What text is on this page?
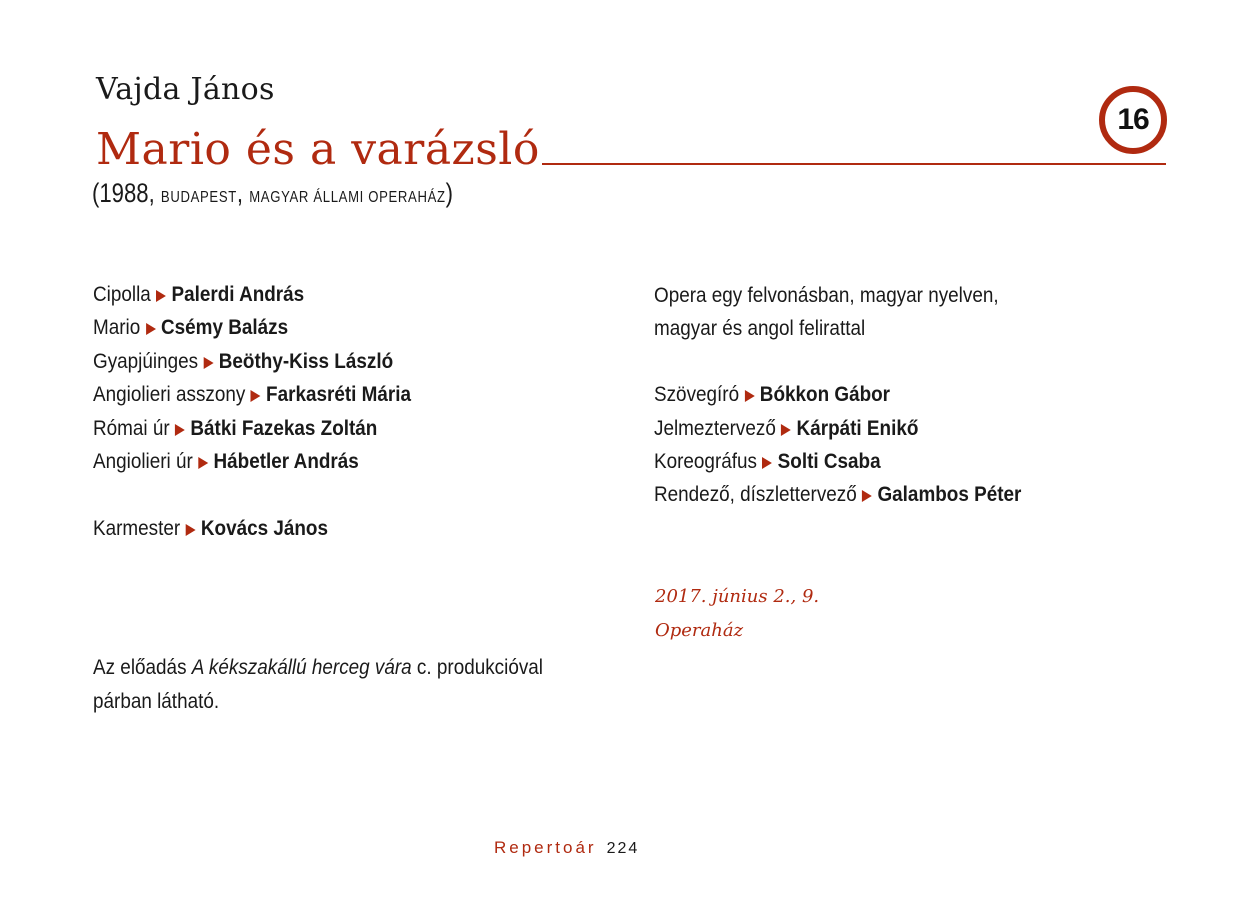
Vajda János
Mario és a varázsló
(1988, BUDAPEST, MAGYAR ÁLLAMI OPERAHÁZ)
16
Cipolla Palerdi András
Mario Csémy Balázs
Gyapjúinges Beöthy-Kiss László
Angiolieri asszony Farkasréti Mária
Római úr Bátki Fazekas Zoltán
Angiolieri úr Hábetler András
Karmester Kovács János
Opera egy felvonásban, magyar nyelven,
magyar és angol felirattal
Szövegíró Bókkon Gábor
Jelmeztervező Kárpáti Enikő
Koreográfus Solti Csaba
Rendező, díszlettervező Galambos Péter
2017. június 2., 9.
Operaház
Az előadás A kékszakállú herceg vára c. produkcióval párban látható.
Repertoár 224
